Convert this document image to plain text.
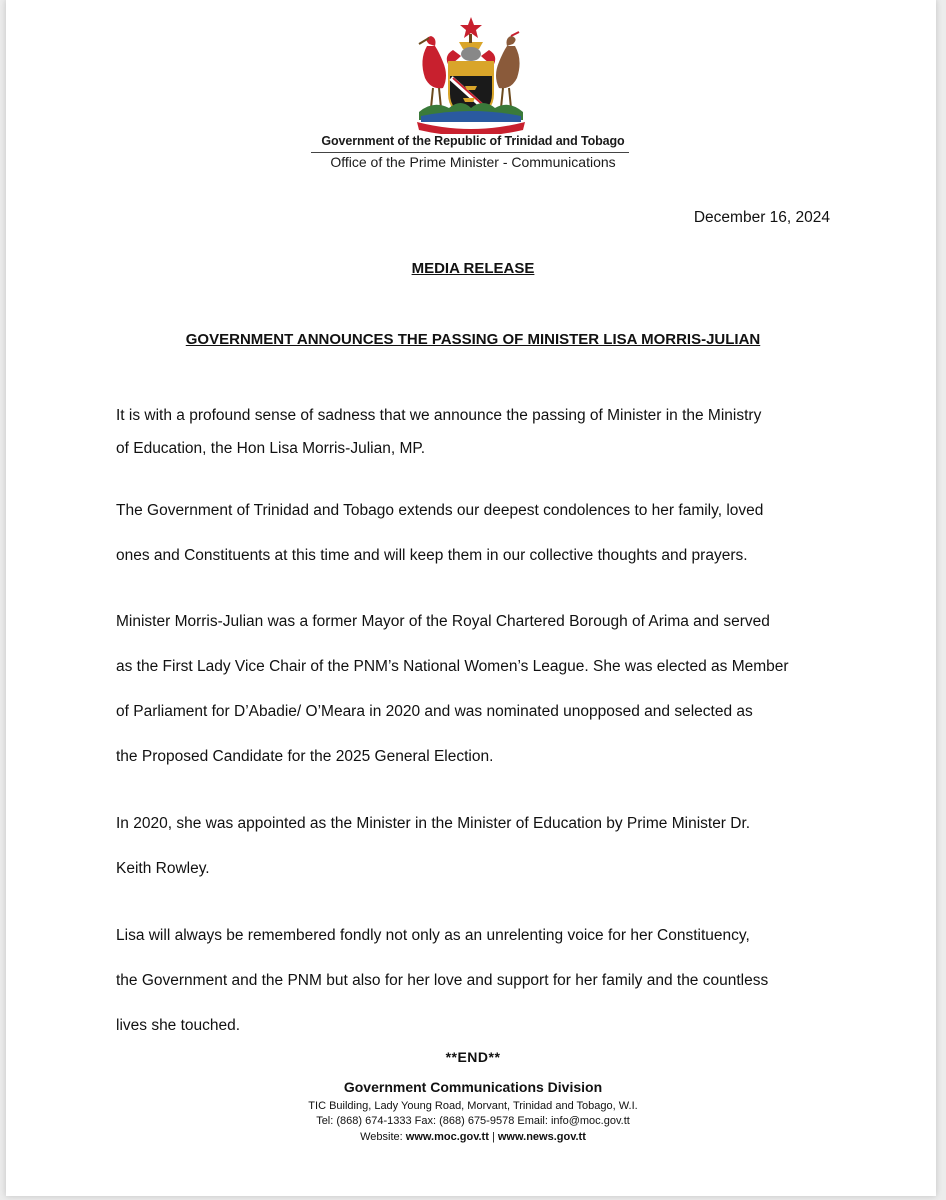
Government of the Republic of Trinidad and Tobago
Office of the Prime Minister - Communications
December 16, 2024
MEDIA RELEASE
GOVERNMENT ANNOUNCES THE PASSING OF MINISTER LISA MORRIS-JULIAN

It is with a profound sense of sadness that we announce the passing of Minister in the Ministry
of Education, the Hon Lisa Morris-Julian, MP.

The Government of Trinidad and Tobago extends our deepest condolences to her family, loved
ones and Constituents at this time and will keep them in our collective thoughts and prayers.

Minister Morris-Julian was a former Mayor of the Royal Chartered Borough of Arima and served
as the First Lady Vice Chair of the PNM’s National Women’s League. She was elected as Member
of Parliament for D’Abadie/ O’Meara in 2020 and was nominated unopposed and selected as
the Proposed Candidate for the 2025 General Election.

In 2020, she was appointed as the Minister in the Minister of Education by Prime Minister Dr.
Keith Rowley.

Lisa will always be remembered fondly not only as an unrelenting voice for her Constituency,
the Government and the PNM but also for her love and support for her family and the countless
lives she touched.

**END**
Government Communications Division
TIC Building, Lady Young Road, Morvant, Trinidad and Tobago, W.I.
Tel: (868) 674-1333 Fax: (868) 675-9578 Email: info@moc.gov.tt
Website: www.moc.gov.tt | www.news.gov.tt
